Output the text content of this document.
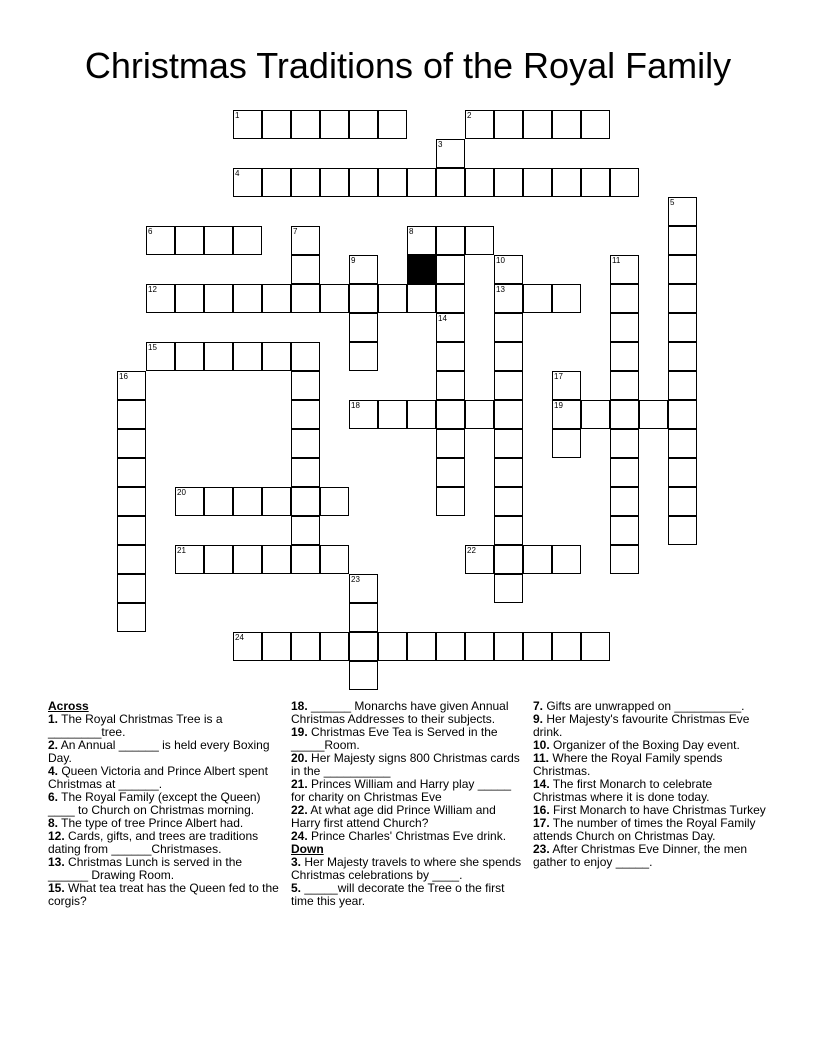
Christmas Traditions of the Royal Family
1	2
3
4
5
6	7	8
9	10	11
12	13
14
15
16	17
18	19
20
21	22
23
24

Across

1. The Royal Christmas Tree is a ________tree.

2. An Annual ______ is held every Boxing Day.

4. Queen Victoria and Prince Albert spent Christmas at ______.

6. The Royal Family (except the Queen) ____ to Church on Christmas morning.

8. The type of tree Prince Albert had.

12. Cards, gifts, and trees are traditions dating from ______Christmases.

13. Christmas Lunch is served in the ______ Drawing Room.

15. What tea treat has the Queen fed to the corgis?

18. ______ Monarchs have given Annual Christmas Addresses to their subjects.

19. Christmas Eve Tea is Served in the _____Room.

20. Her Majesty signs 800 Christmas cards in the __________

21. Princes William and Harry play _____ for charity on Christmas Eve

22. At what age did Prince William and Harry first attend Church?

24. Prince Charles' Christmas Eve drink.

Down

3. Her Majesty travels to where she spends Christmas celebrations by ____.

5. _____will decorate the Tree o the first time this year.

7. Gifts are unwrapped on __________.

9. Her Majesty's favourite Christmas Eve drink.

10. Organizer of the Boxing Day event.

11. Where the Royal Family spends Christmas.

14. The first Monarch to celebrate Christmas where it is done today.

16. First Monarch to have Christmas Turkey

17. The number of times the Royal Family attends Church on Christmas Day.

23. After Christmas Eve Dinner, the men gather to enjoy _____.
